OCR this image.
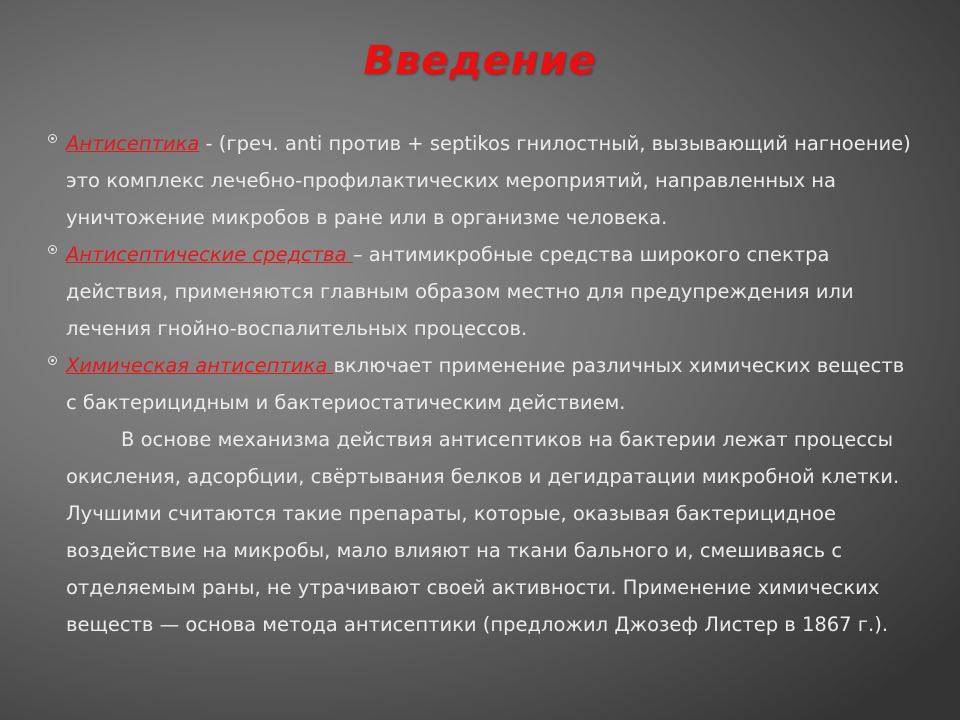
Введение

Антисептика - (греч. anti против + septikos гнилостный, вызывающий нагноение) это комплекс лечебно-профилактических мероприятий, направленных на уничтожение микробов в ране или в организме человека.

Антисептические средства – антимикробные средства широкого спектра действия, применяются главным образом местно для предупреждения или лечения гнойно-воспалительных процессов.

Химическая антисептика включает применение различных химических веществ с бактерицидным и бактериостатическим действием.

В основе механизма действия антисептиков на бактерии лежат процессы окисления, адсорбции, свёртывания белков и дегидратации микробной клетки. Лучшими считаются такие препараты, которые, оказывая бактерицидное воздействие на микробы, мало влияют на ткани бального и, смешиваясь с отделяемым раны, не утрачивают своей активности. Применение химических веществ — основа метода антисептики (предложил Джозеф Листер в 1867 г.).
